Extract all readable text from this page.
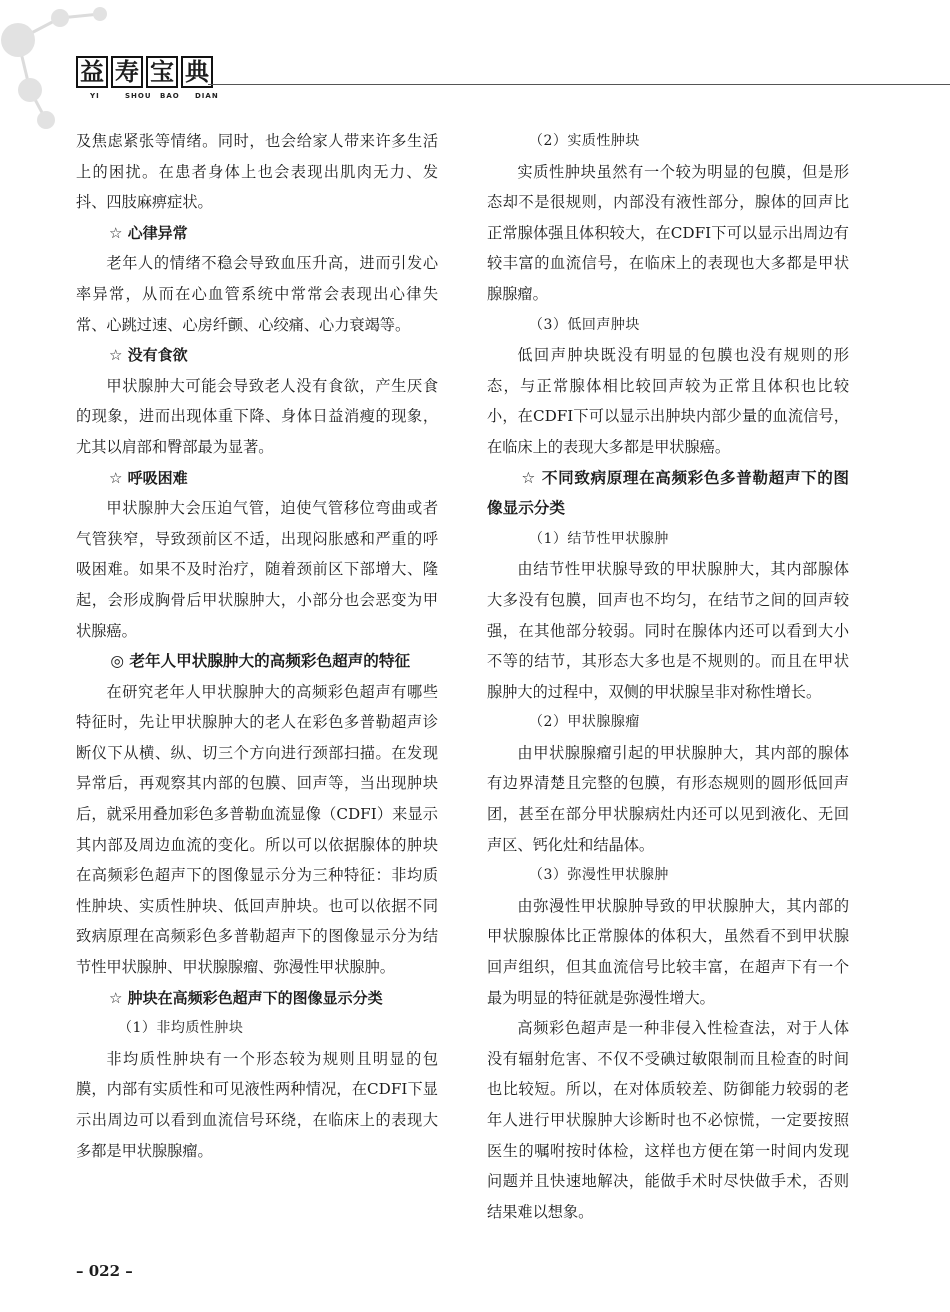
益 寿 宝 典
YI	SHOU	BAO	DIAN

及焦虑紧张等情绪。同时，也会给家人带来许多生活上的困扰。在患者身体上也会表现出肌肉无力、发抖、四肢麻痹症状。

☆ 心律异常

老年人的情绪不稳会导致血压升高，进而引发心率异常，从而在心血管系统中常常会表现出心律失常、心跳过速、心房纤颤、心绞痛、心力衰竭等。

☆ 没有食欲

甲状腺肿大可能会导致老人没有食欲，产生厌食的现象，进而出现体重下降、身体日益消瘦的现象，尤其以肩部和臀部最为显著。

☆ 呼吸困难

甲状腺肿大会压迫气管，迫使气管移位弯曲或者气管狭窄，导致颈前区不适，出现闷胀感和严重的呼吸困难。如果不及时治疗，随着颈前区下部增大、隆起，会形成胸骨后甲状腺肿大，小部分也会恶变为甲状腺癌。

◎ 老年人甲状腺肿大的高频彩色超声的特征

在研究老年人甲状腺肿大的高频彩色超声有哪些特征时，先让甲状腺肿大的老人在彩色多普勒超声诊断仪下从横、纵、切三个方向进行颈部扫描。在发现异常后，再观察其内部的包膜、回声等，当出现肿块后，就采用叠加彩色多普勒血流显像（CDFI）来显示其内部及周边血流的变化。所以可以依据腺体的肿块在高频彩色超声下的图像显示分为三种特征：非均质性肿块、实质性肿块、低回声肿块。也可以依据不同致病原理在高频彩色多普勒超声下的图像显示分为结节性甲状腺肿、甲状腺腺瘤、弥漫性甲状腺肿。

☆ 肿块在高频彩色超声下的图像显示分类

（1）非均质性肿块

非均质性肿块有一个形态较为规则且明显的包膜，内部有实质性和可见液性两种情况，在CDFI下显示出周边可以看到血流信号环绕，在临床上的表现大多都是甲状腺腺瘤。

（2）实质性肿块

实质性肿块虽然有一个较为明显的包膜，但是形态却不是很规则，内部没有液性部分，腺体的回声比正常腺体强且体积较大，在CDFI下可以显示出周边有较丰富的血流信号，在临床上的表现也大多都是甲状腺腺瘤。

（3）低回声肿块

低回声肿块既没有明显的包膜也没有规则的形态，与正常腺体相比较回声较为正常且体积也比较小，在CDFI下可以显示出肿块内部少量的血流信号，在临床上的表现大多都是甲状腺癌。

☆ 不同致病原理在高频彩色多普勒超声下的图像显示分类

（1）结节性甲状腺肿

由结节性甲状腺导致的甲状腺肿大，其内部腺体大多没有包膜，回声也不均匀，在结节之间的回声较强，在其他部分较弱。同时在腺体内还可以看到大小不等的结节，其形态大多也是不规则的。而且在甲状腺肿大的过程中，双侧的甲状腺呈非对称性增长。

（2）甲状腺腺瘤

由甲状腺腺瘤引起的甲状腺肿大，其内部的腺体有边界清楚且完整的包膜，有形态规则的圆形低回声团，甚至在部分甲状腺病灶内还可以见到液化、无回声区、钙化灶和结晶体。

（3）弥漫性甲状腺肿

由弥漫性甲状腺肿导致的甲状腺肿大，其内部的甲状腺腺体比正常腺体的体积大，虽然看不到甲状腺回声组织，但其血流信号比较丰富，在超声下有一个最为明显的特征就是弥漫性增大。

高频彩色超声是一种非侵入性检查法，对于人体没有辐射危害、不仅不受碘过敏限制而且检查的时间也比较短。所以，在对体质较差、防御能力较弱的老年人进行甲状腺肿大诊断时也不必惊慌，一定要按照医生的嘱咐按时体检，这样也方便在第一时间内发现问题并且快速地解决，能做手术时尽快做手术，否则结果难以想象。

– 022 –
